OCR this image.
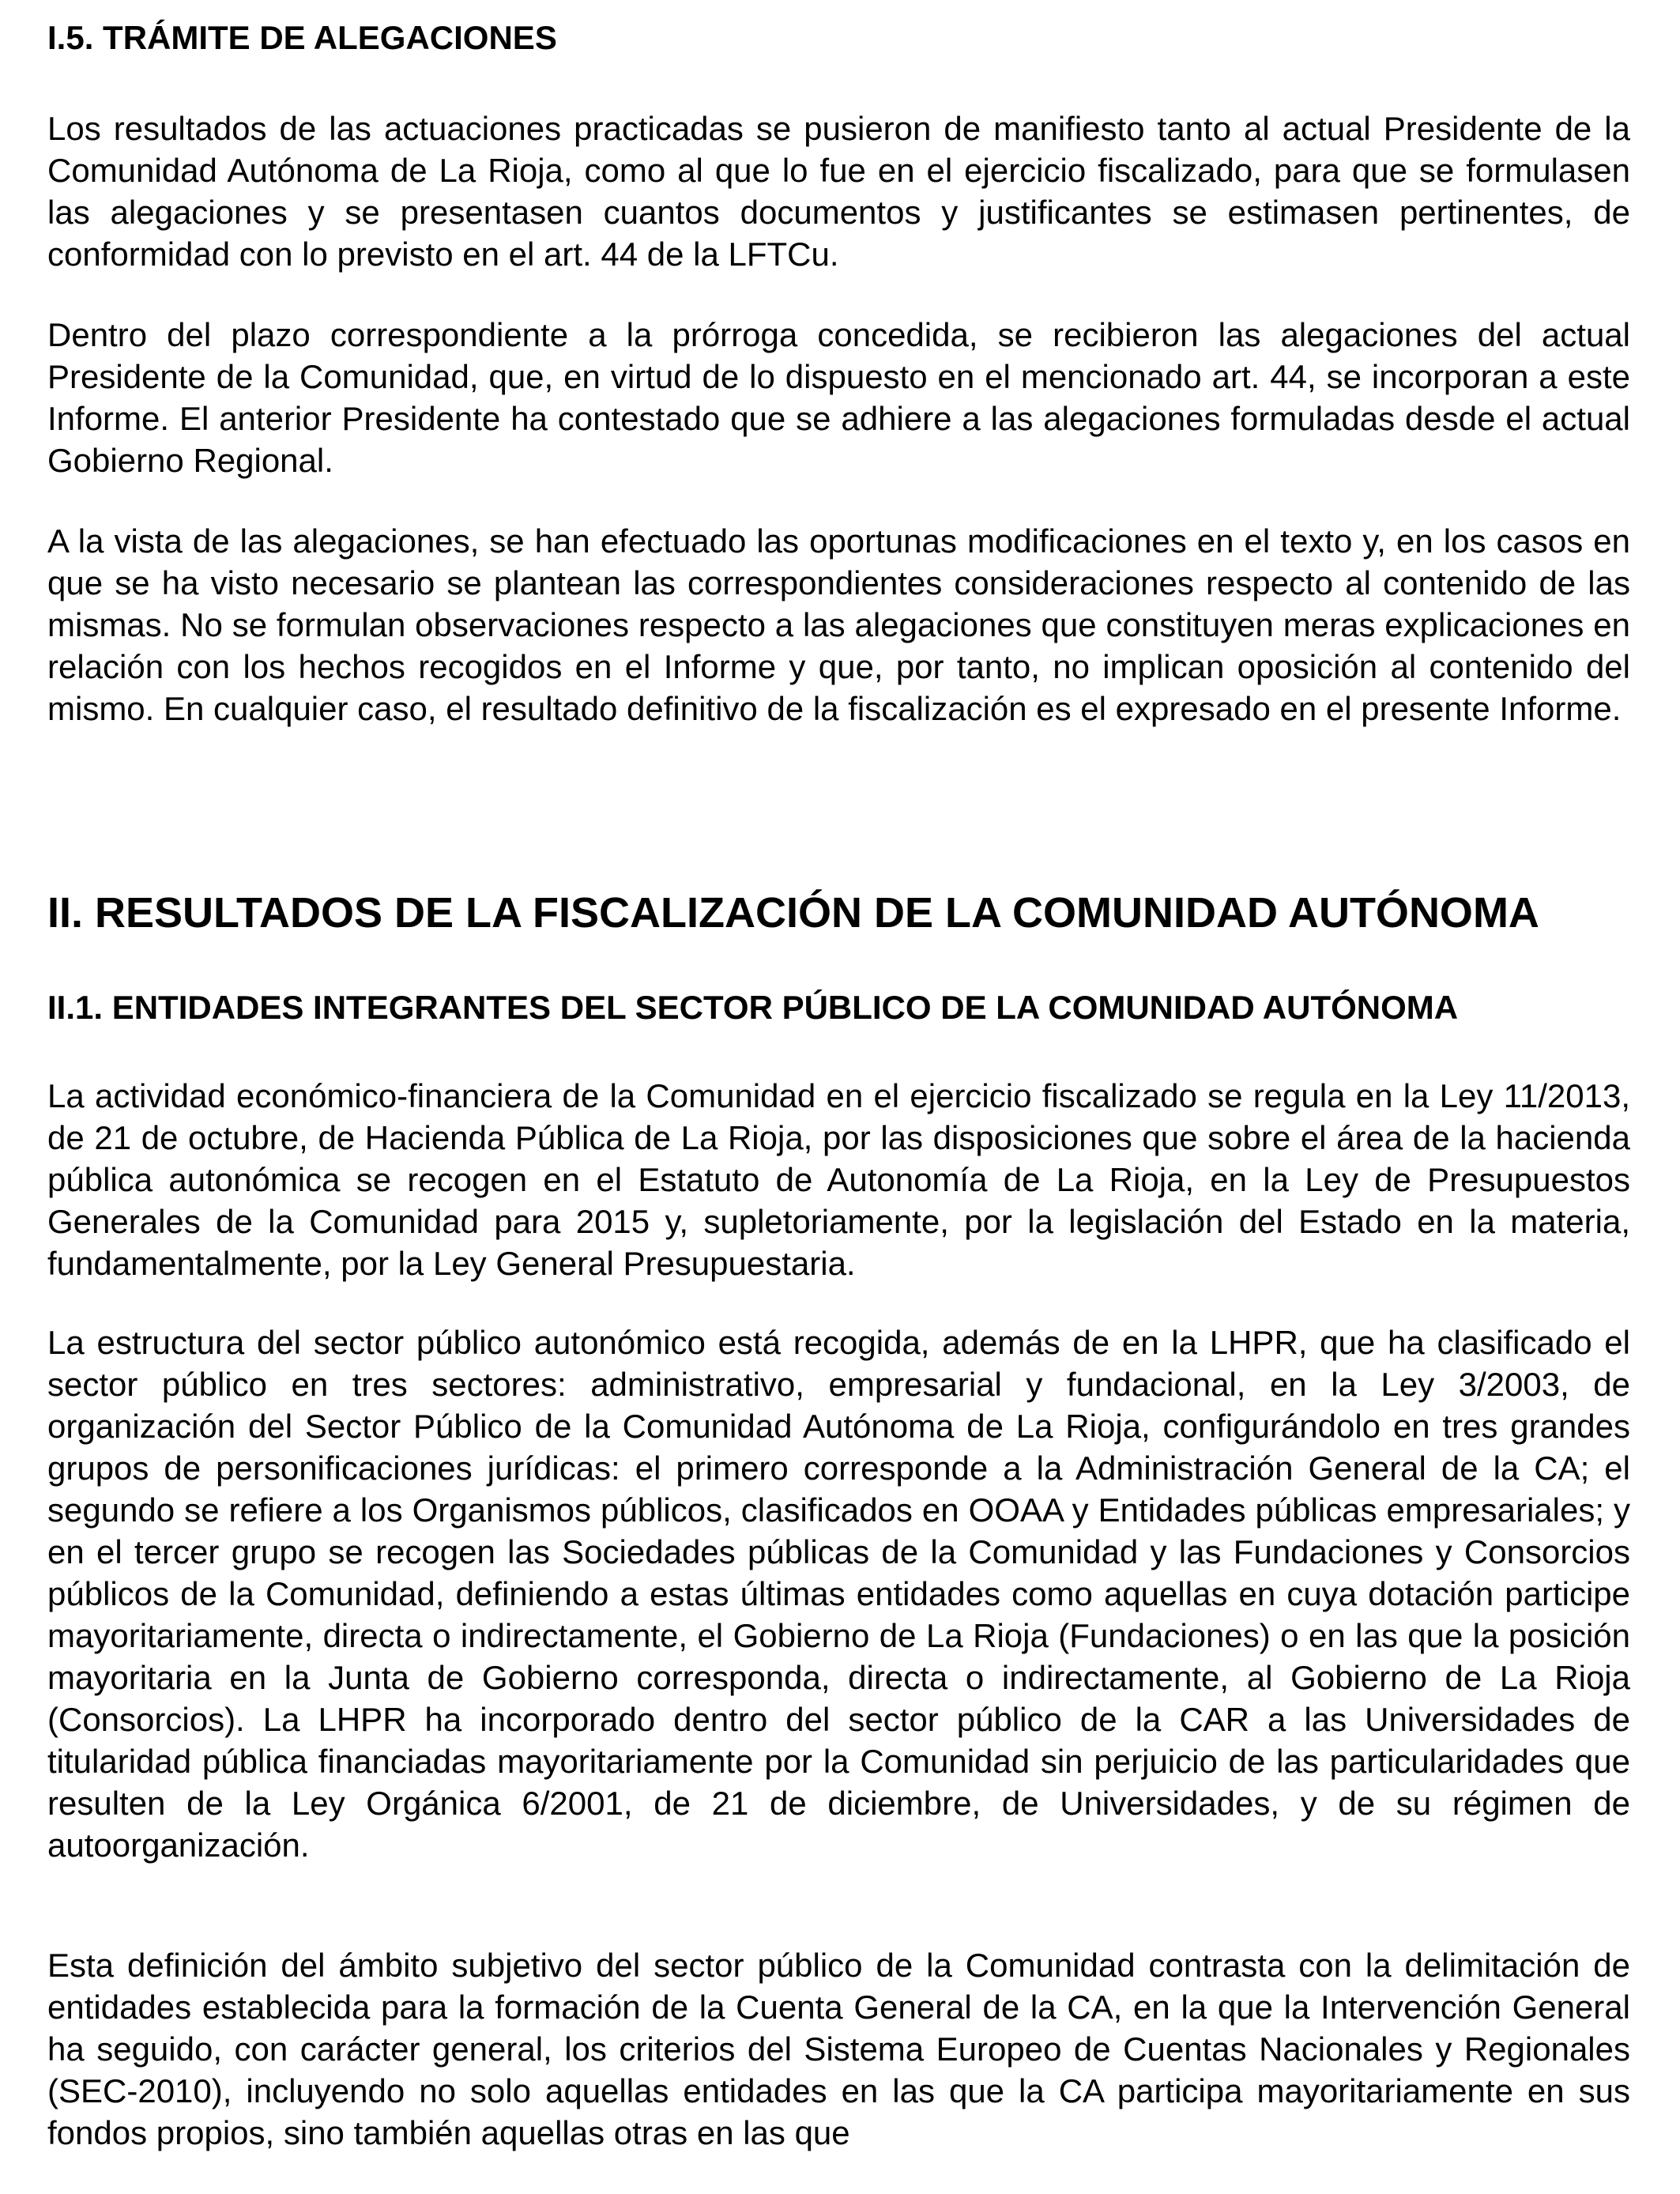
I.5. TRÁMITE DE ALEGACIONES

Los resultados de las actuaciones practicadas se pusieron de manifiesto tanto al actual Presidente de la Comunidad Autónoma de La Rioja, como al que lo fue en el ejercicio fiscalizado, para que se formulasen las alegaciones y se presentasen cuantos documentos y justificantes se estimasen pertinentes, de conformidad con lo previsto en el art. 44 de la LFTCu.

Dentro del plazo correspondiente a la prórroga concedida, se recibieron las alegaciones del actual Presidente de la Comunidad, que, en virtud de lo dispuesto en el mencionado art. 44, se incorporan a este Informe. El anterior Presidente ha contestado que se adhiere a las alegaciones formuladas desde el actual Gobierno Regional.

A la vista de las alegaciones, se han efectuado las oportunas modificaciones en el texto y, en los casos en que se ha visto necesario se plantean las correspondientes consideraciones respecto al contenido de las mismas. No se formulan observaciones respecto a las alegaciones que constituyen meras explicaciones en relación con los hechos recogidos en el Informe y que, por tanto, no implican oposición al contenido del mismo. En cualquier caso, el resultado definitivo de la fiscalización es el expresado en el presente Informe.

II. RESULTADOS DE LA FISCALIZACIÓN DE LA COMUNIDAD AUTÓNOMA
II.1. ENTIDADES INTEGRANTES DEL SECTOR PÚBLICO DE LA COMUNIDAD AUTÓNOMA

La actividad económico-financiera de la Comunidad en el ejercicio fiscalizado se regula en la Ley 11/2013, de 21 de octubre, de Hacienda Pública de La Rioja, por las disposiciones que sobre el área de la hacienda pública autonómica se recogen en el Estatuto de Autonomía de La Rioja, en la Ley de Presupuestos Generales de la Comunidad para 2015 y, supletoriamente, por la legislación del Estado en la materia, fundamentalmente, por la Ley General Presupuestaria.

La estructura del sector público autonómico está recogida, además de en la LHPR, que ha clasificado el sector público en tres sectores: administrativo, empresarial y fundacional, en la Ley 3/2003, de organización del Sector Público de la Comunidad Autónoma de La Rioja, configurándolo en tres grandes grupos de personificaciones jurídicas: el primero corresponde a la Administración General de la CA; el segundo se refiere a los Organismos públicos, clasificados en OOAA y Entidades públicas empresariales; y en el tercer grupo se recogen las Sociedades públicas de la Comunidad y las Fundaciones y Consorcios públicos de la Comunidad, definiendo a estas últimas entidades como aquellas en cuya dotación participe mayoritariamente, directa o indirectamente, el Gobierno de La Rioja (Fundaciones) o en las que la posición mayoritaria en la Junta de Gobierno corresponda, directa o indirectamente, al Gobierno de La Rioja (Consorcios). La LHPR ha incorporado dentro del sector público de la CAR a las Universidades de titularidad pública financiadas mayoritariamente por la Comunidad sin perjuicio de las particularidades que resulten de la Ley Orgánica 6/2001, de 21 de diciembre, de Universidades, y de su régimen de autoorganización.

Esta definición del ámbito subjetivo del sector público de la Comunidad contrasta con la delimitación de entidades establecida para la formación de la Cuenta General de la CA, en la que la Intervención General ha seguido, con carácter general, los criterios del Sistema Europeo de Cuentas Nacionales y Regionales (SEC-2010), incluyendo no solo aquellas entidades en las que la CA participa mayoritariamente en sus fondos propios, sino también aquellas otras en las que
